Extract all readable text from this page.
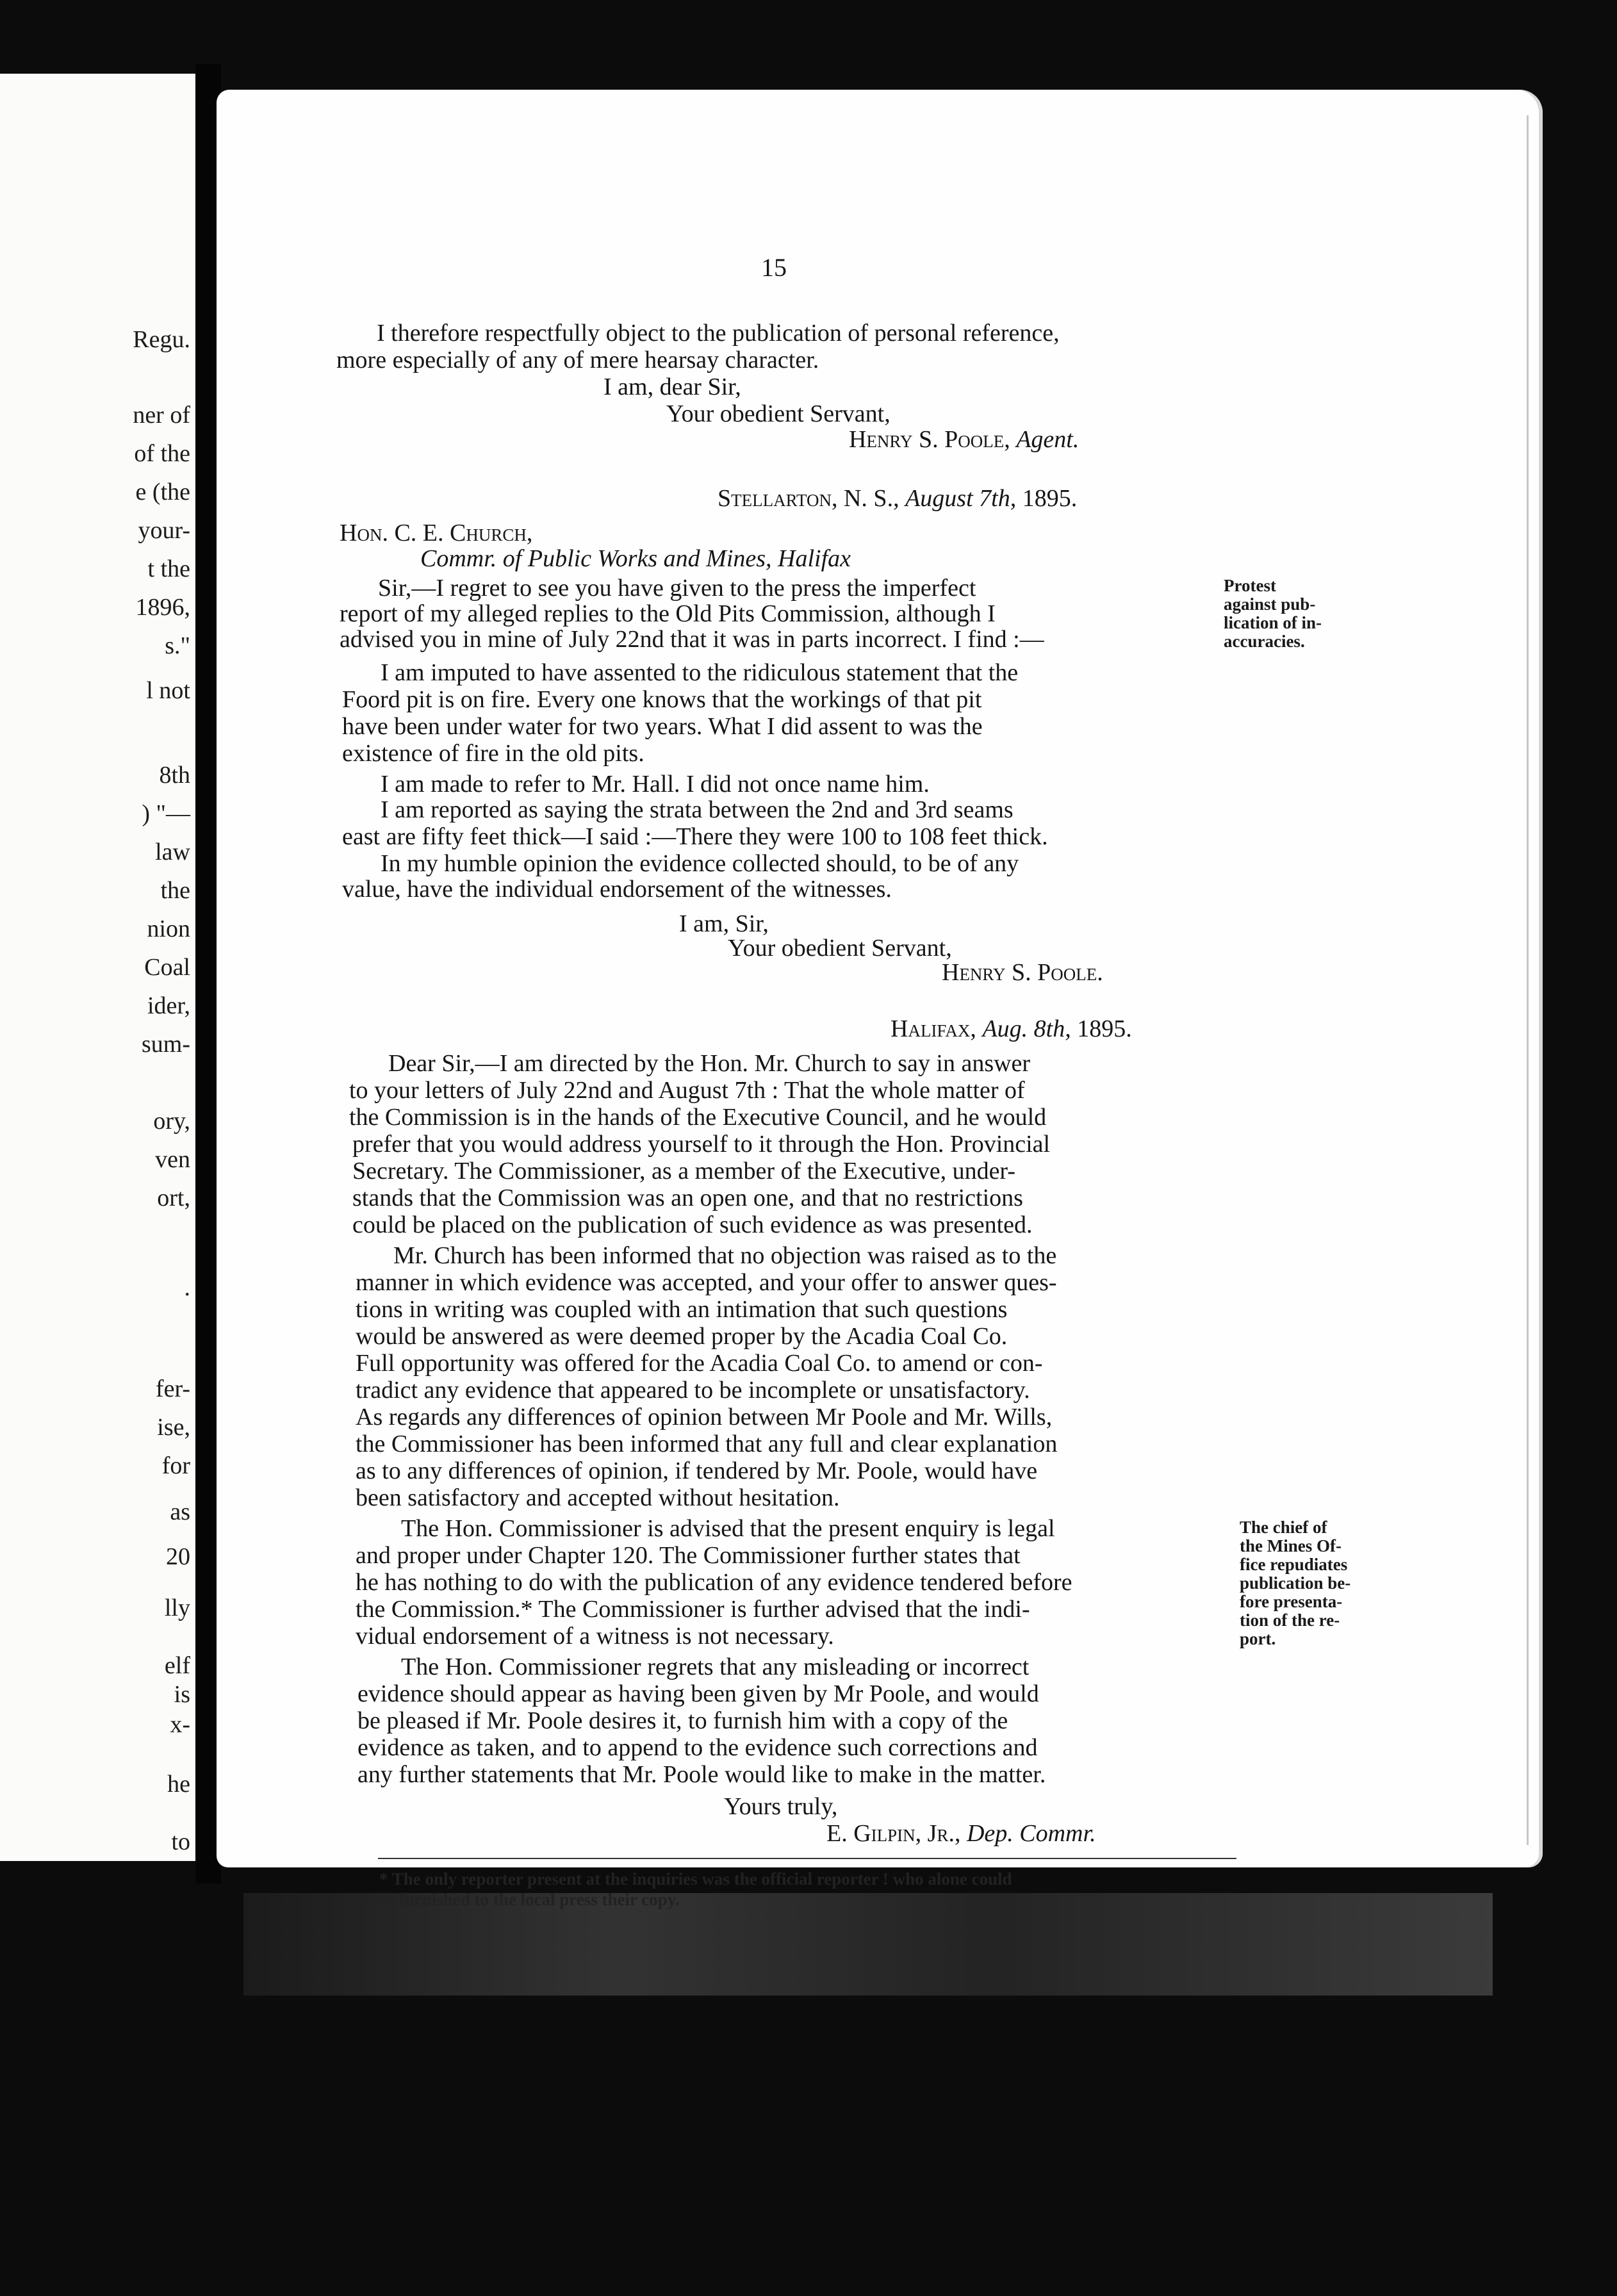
Regu.
ner of
of the
e (the
your-
t the
1896,
s."
l not
8th
) "—
law
the
nion
Coal
ider,
sum-
ory,
ven
ort,
.
fer-
ise,
for
as
20
lly
elf
is
x-
he
to
15
I therefore respectfully object to the publication of personal reference,
more especially of any of mere hearsay character.
I am, dear Sir,
Your obedient Servant,
Henry S. Poole, Agent.
Stellarton, N. S., August 7th, 1895.
Hon. C. E. Church,
Commr. of Public Works and Mines, Halifax
Sir,—I regret to see you have given to the press the imperfect
report of my alleged replies to the Old Pits Commission, although I
advised you in mine of July 22nd that it was in parts incorrect. I find :—
I am imputed to have assented to the ridiculous statement that the
Foord pit is on fire. Every one knows that the workings of that pit
have been under water for two years. What I did assent to was the
existence of fire in the old pits.
I am made to refer to Mr. Hall. I did not once name him.
I am reported as saying the strata between the 2nd and 3rd seams
east are fifty feet thick—I said :—There they were 100 to 108 feet thick.
In my humble opinion the evidence collected should, to be of any
value, have the individual endorsement of the witnesses.
I am, Sir,
Your obedient Servant,
Henry S. Poole.
Protest
against pub-
lication of in-
accuracies.
Halifax, Aug. 8th, 1895.
Dear Sir,—I am directed by the Hon. Mr. Church to say in answer
to your letters of July 22nd and August 7th : That the whole matter of
the Commission is in the hands of the Executive Council, and he would
prefer that you would address yourself to it through the Hon. Provincial
Secretary. The Commissioner, as a member of the Executive, under-
stands that the Commission was an open one, and that no restrictions
could be placed on the publication of such evidence as was presented.
Mr. Church has been informed that no objection was raised as to the
manner in which evidence was accepted, and your offer to answer ques-
tions in writing was coupled with an intimation that such questions
would be answered as were deemed proper by the Acadia Coal Co.
Full opportunity was offered for the Acadia Coal Co. to amend or con-
tradict any evidence that appeared to be incomplete or unsatisfactory.
As regards any differences of opinion between Mr Poole and Mr. Wills,
the Commissioner has been informed that any full and clear explanation
as to any differences of opinion, if tendered by Mr. Poole, would have
been satisfactory and accepted without hesitation.
The Hon. Commissioner is advised that the present enquiry is legal
and proper under Chapter 120. The Commissioner further states that
he has nothing to do with the publication of any evidence tendered before
the Commission.* The Commissioner is further advised that the indi-
vidual endorsement of a witness is not necessary.
The Hon. Commissioner regrets that any misleading or incorrect
evidence should appear as having been given by Mr Poole, and would
be pleased if Mr. Poole desires it, to furnish him with a copy of the
evidence as taken, and to append to the evidence such corrections and
any further statements that Mr. Poole would like to make in the matter.
Yours truly,
E. Gilpin, Jr., Dep. Commr.
The chief of
the Mines Of-
fice repudiates
publication be-
fore presenta-
tion of the re-
port.
* The only reporter present at the inquiries was the official reporter ! who alone could
have furnished to the local press their copy.
